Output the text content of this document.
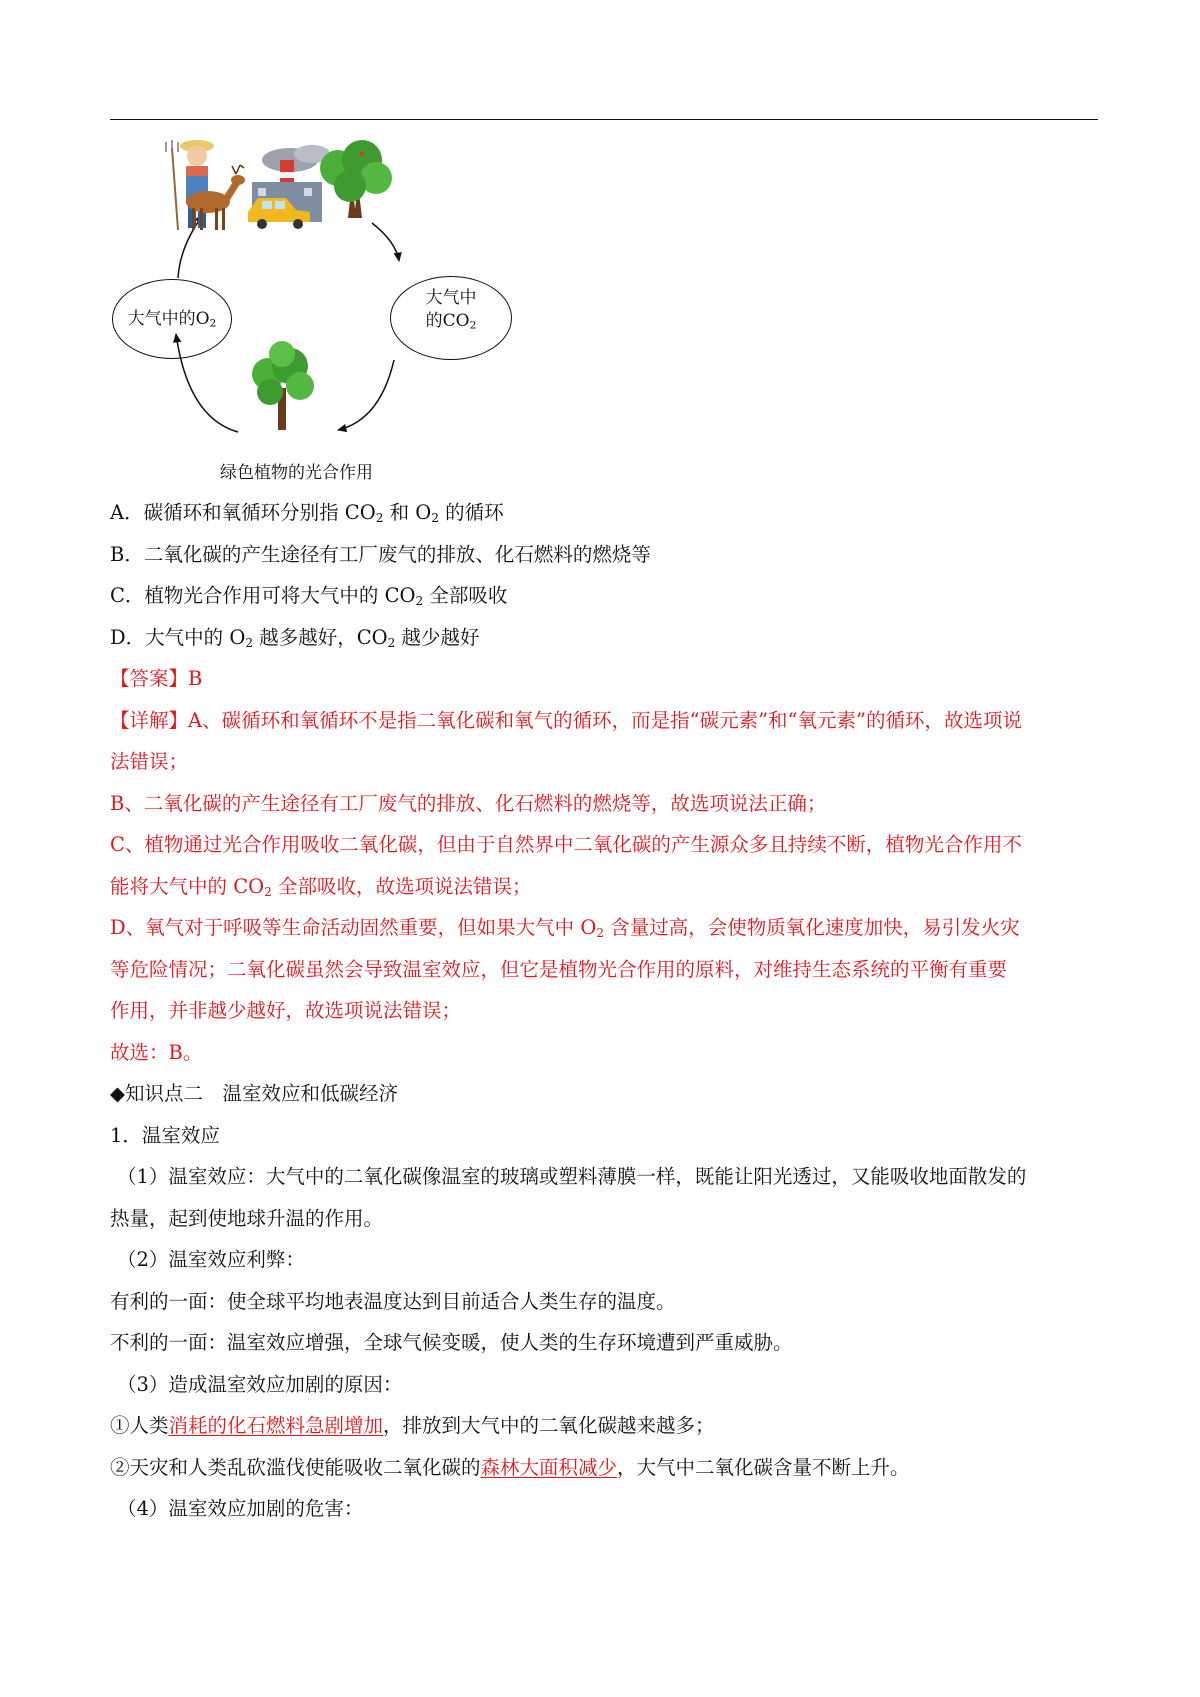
大气中的$O_2$
大气中
的$CO_2$
绿色植物的光合作用
A．碳循环和氧循环分别指 $CO_2$ 和 $O_2$ 的循环
B．二氧化碳的产生途径有工厂废气的排放、化石燃料的燃烧等
C．植物光合作用可将大气中的 $CO_2$ 全部吸收
D．大气中的 $O_2$ 越多越好，$CO_2$ 越少越好
【答案】B
【详解】A、碳循环和氧循环不是指二氧化碳和氧气的循环，而是指“碳元素”和“氧元素”的循环，故选项说
法错误；
B、二氧化碳的产生途径有工厂废气的排放、化石燃料的燃烧等，故选项说法正确；
C、植物通过光合作用吸收二氧化碳，但由于自然界中二氧化碳的产生源众多且持续不断，植物光合作用不
能将大气中的 $CO_2$ 全部吸收，故选项说法错误；
D、氧气对于呼吸等生命活动固然重要，但如果大气中 $O_2$ 含量过高，会使物质氧化速度加快，易引发火灾
等危险情况；二氧化碳虽然会导致温室效应，但它是植物光合作用的原料，对维持生态系统的平衡有重要
作用，并非越少越好，故选项说法错误；
故选：B。
◆知识点二　温室效应和低碳经济
1．温室效应
（1）温室效应：大气中的二氧化碳像温室的玻璃或塑料薄膜一样，既能让阳光透过，又能吸收地面散发的
热量，起到使地球升温的作用。
（2）温室效应利弊：
有利的一面：使全球平均地表温度达到目前适合人类生存的温度。
不利的一面：温室效应增强，全球气候变暖，使人类的生存环境遭到严重威胁。
（3）造成温室效应加剧的原因：
①人类消耗的化石燃料急剧增加，排放到大气中的二氧化碳越来越多；
②天灾和人类乱砍滥伐使能吸收二氧化碳的森林大面积减少，大气中二氧化碳含量不断上升。
（4）温室效应加剧的危害：
